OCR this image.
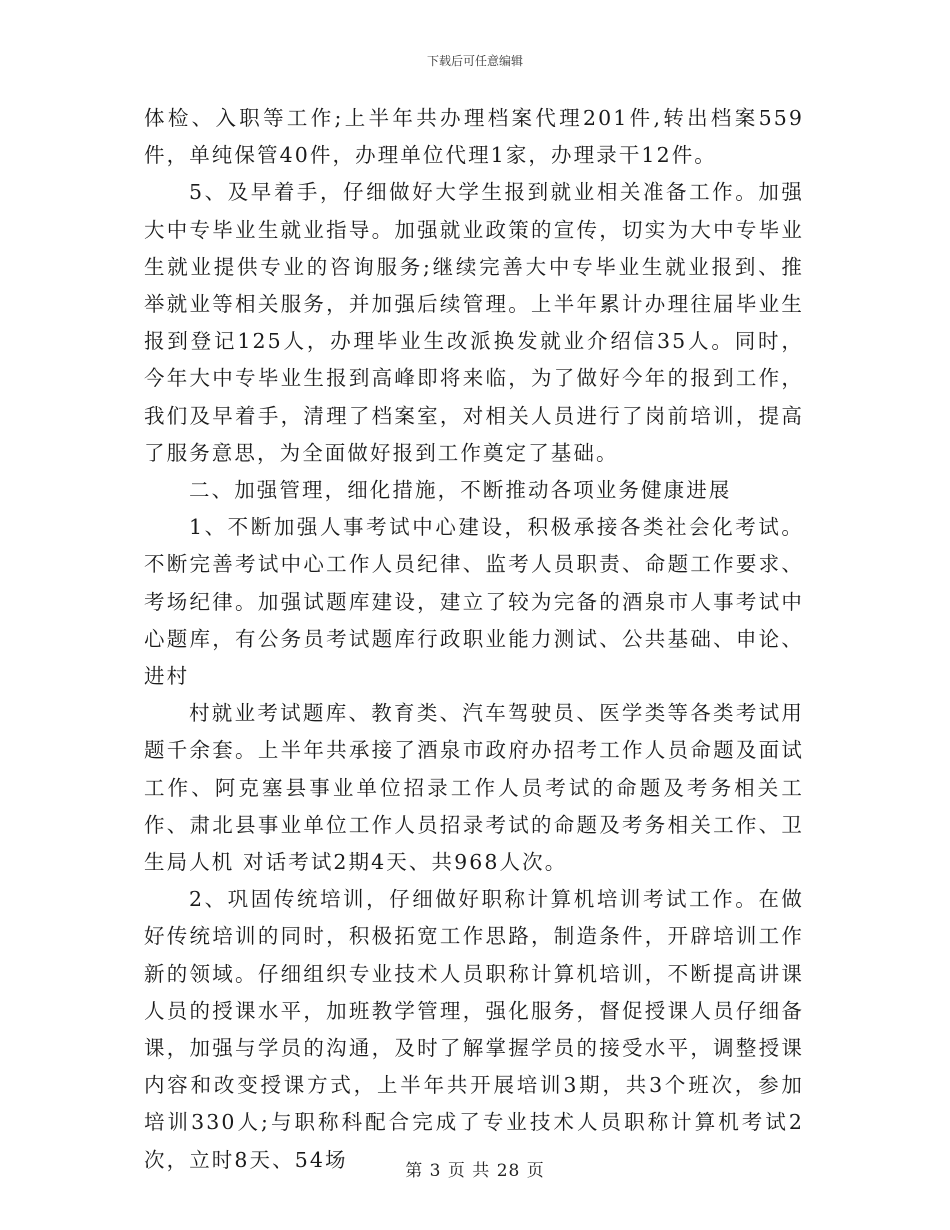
下载后可任意编辑

体检、入职等工作;上半年共办理档案代理201件,转出档案559件，单纯保管40件，办理单位代理1家，办理录干12件。

5、及早着手，仔细做好大学生报到就业相关准备工作。加强大中专毕业生就业指导。加强就业政策的宣传，切实为大中专毕业生就业提供专业的咨询服务;继续完善大中专毕业生就业报到、推举就业等相关服务，并加强后续管理。上半年累计办理往届毕业生报到登记125人，办理毕业生改派换发就业介绍信35人。同时，今年大中专毕业生报到高峰即将来临，为了做好今年的报到工作，我们及早着手，清理了档案室，对相关人员进行了岗前培训，提高了服务意思，为全面做好报到工作奠定了基础。

二、加强管理，细化措施，不断推动各项业务健康进展

1、不断加强人事考试中心建设，积极承接各类社会化考试。不断完善考试中心工作人员纪律、监考人员职责、命题工作要求、考场纪律。加强试题库建设，建立了较为完备的酒泉市人事考试中心题库，有公务员考试题库行政职业能力测试、公共基础、申论、进村

村就业考试题库、教育类、汽车驾驶员、医学类等各类考试用题千余套。上半年共承接了酒泉市政府办招考工作人员命题及面试工作、阿克塞县事业单位招录工作人员考试的命题及考务相关工作、肃北县事业单位工作人员招录考试的命题及考务相关工作、卫生局人机 对话考试2期4天、共968人次。

2、巩固传统培训，仔细做好职称计算机培训考试工作。在做好传统培训的同时，积极拓宽工作思路，制造条件，开辟培训工作新的领域。仔细组织专业技术人员职称计算机培训，不断提高讲课人员的授课水平，加班教学管理，强化服务，督促授课人员仔细备课，加强与学员的沟通，及时了解掌握学员的接受水平，调整授课内容和改变授课方式，上半年共开展培训3期，共3个班次，参加培训330人;与职称科配合完成了专业技术人员职称计算机考试2次，立时8天、54场	第 3 页 共 28 页
